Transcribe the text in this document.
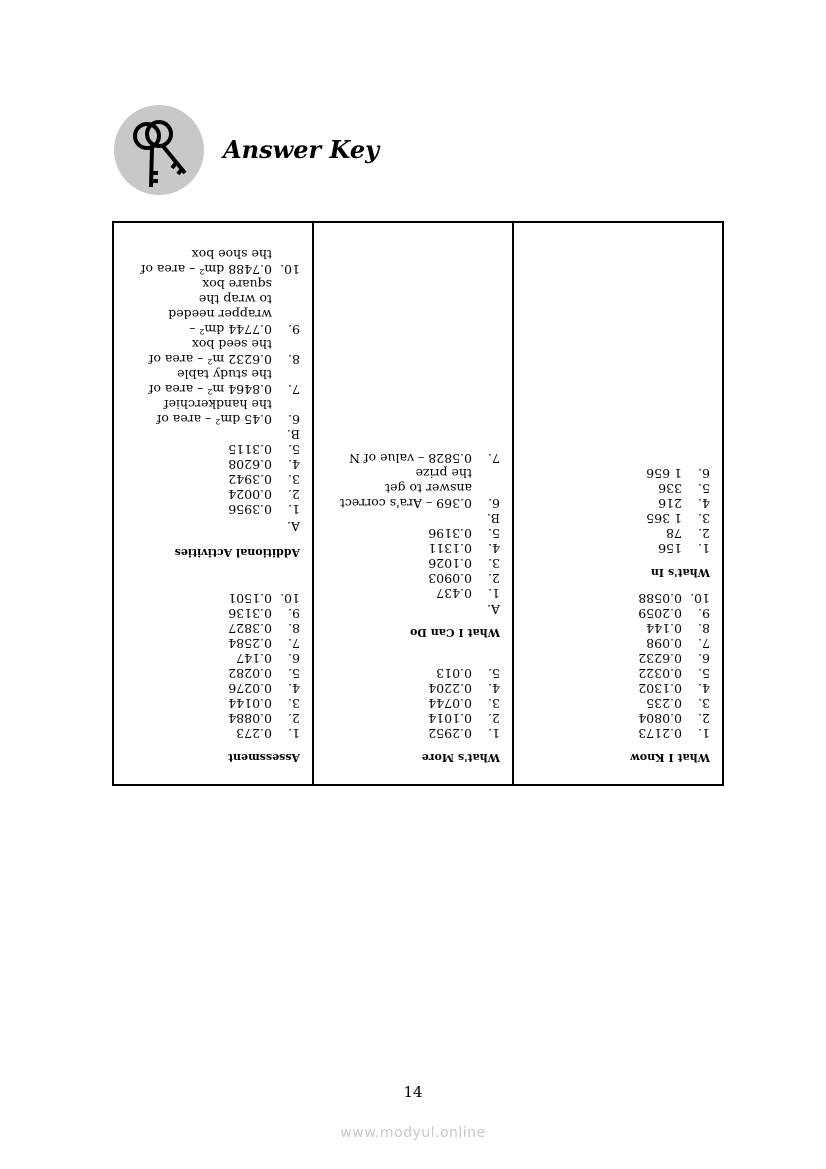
Answer Key
What I Know
1.0.2173
2.0.0804
3.0.235
4.0.1302
5.0.0322
6.0.6232
7.0.098
8.0.144
9.0.2059
10.0.0588
What's In
1.156
2.78
3.1 365
4.216
5.336
6.1 656
What's More
1.0.2952
2.0.1014
3.0.0744
4.0.2204
5.0.013
What I Can Do
A.
1.0.437
2.0.0903
3.0.1026
4.0.1311
5.0.3196
B.
6.0.369 – Ara's correct
answer to get
the prize
7.0.5828 – value of N
Assessment
1.0.273
2.0.0884
3.0.0144
4.0.0276
5.0.0282
6.0.147
7.0.2584
8.0.3827
9.0.3136
10.0.1501
Additional Activities
A.
1.0.3956
2.0.0024
3.0.3942
4.0.6208
5.0.3115
B.
6.0.45 dm² – area of
the handkerchief
7.0.8464 m² – area of
the study table
8.0.6232 m² – area of
the seed box
9.0.7744 dm² –
wrapper needed
to wrap the
square box
10.0.7488 dm² – area of
the shoe box
14
www.modyul.online
